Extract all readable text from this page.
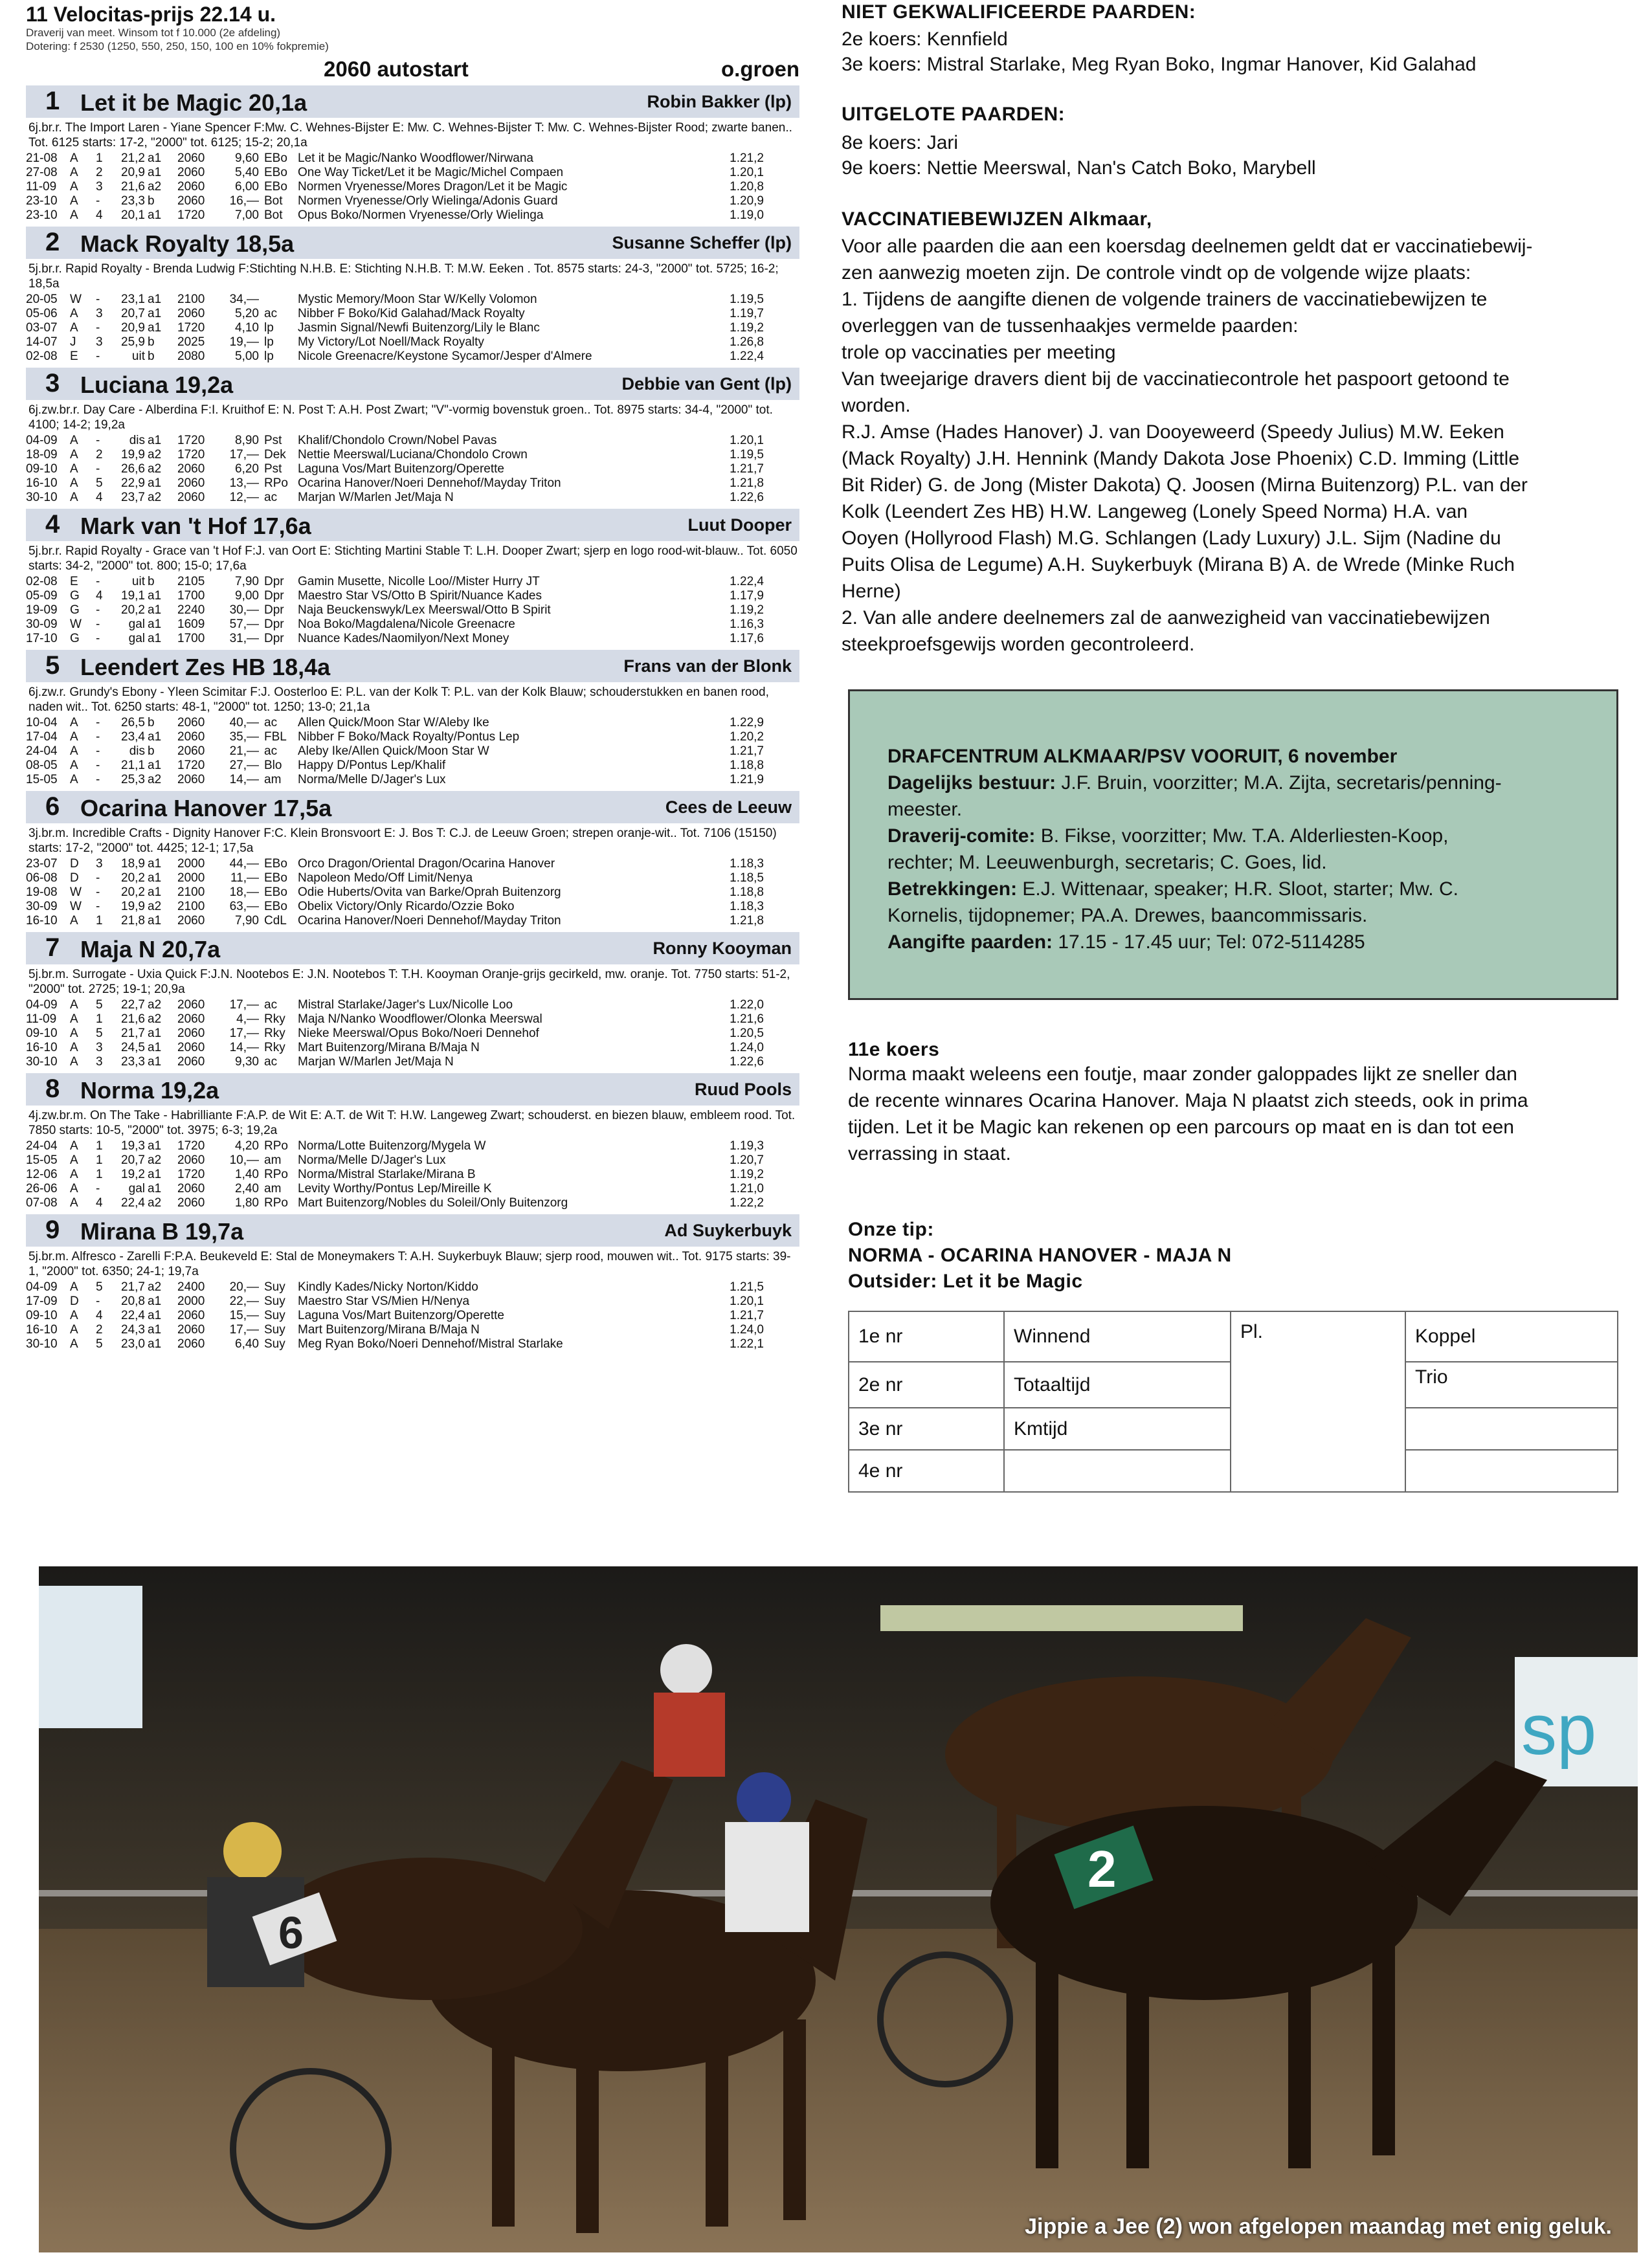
11 Velocitas-prijs 22.14 u.
Draverij van meet. Winsom tot f 10.000 (2e afdeling)
Dotering: f 2530 (1250, 550, 250, 150, 100 en 10% fokpremie)
2060 autostart	o.groen
1 Let it be Magic 20,1a	Robin Bakker (lp)
6j.br.r. The Import Laren - Yiane Spencer F:Mw. C. Wehnes-Bijster E: Mw. C. Wehnes-Bijster T: Mw. C. Wehnes-Bijster Rood; zwarte banen.. Tot. 6125 starts: 17-2, "2000" tot. 6125; 15-2; 20,1a
21-08	A	1	21,2	a1	2060	9,60	EBo	Let it be Magic/Nanko Woodflower/Nirwana	1.21,2
27-08	A	2	20,9	a1	2060	5,40	EBo	One Way Ticket/Let it be Magic/Michel Compaen	1.20,1
11-09	A	3	21,6	a2	2060	6,00	EBo	Normen Vryenesse/Mores Dragon/Let it be Magic	1.20,8
23-10	A	-	23,3	b	2060	16,—	Bot	Normen Vryenesse/Orly Wielinga/Adonis Guard	1.20,9
23-10	A	4	20,1	a1	1720	7,00	Bot	Opus Boko/Normen Vryenesse/Orly Wielinga	1.19,0
2 Mack Royalty 18,5a	Susanne Scheffer (lp)
5j.br.r. Rapid Royalty - Brenda Ludwig F:Stichting N.H.B. E: Stichting N.H.B. T: M.W. Eeken . Tot. 8575 starts: 24-3, "2000" tot. 5725; 16-2; 18,5a
20-05	W	-	23,1	a1	2100	34,—		Mystic Memory/Moon Star W/Kelly Volomon	1.19,5
05-06	A	3	20,7	a1	2060	5,20	ac	Nibber F Boko/Kid Galahad/Mack Royalty	1.19,7
03-07	A	-	20,9	a1	1720	4,10	lp	Jasmin Signal/Newfi Buitenzorg/Lily le Blanc	1.19,2
14-07	J	3	25,9	b	2025	19,—	lp	My Victory/Lot Noell/Mack Royalty	1.26,8
02-08	E	-	uit	b	2080	5,00	lp	Nicole Greenacre/Keystone Sycamor/Jesper d'Almere	1.22,4
3 Luciana 19,2a	Debbie van Gent (lp)
6j.zw.br.r. Day Care - Alberdina F:I. Kruithof E: N. Post T: A.H. Post Zwart; "V"-vormig bovenstuk groen.. Tot. 8975 starts: 34-4, "2000" tot. 4100; 14-2; 19,2a
04-09	A	-	dis	a1	1720	8,90	Pst	Khalif/Chondolo Crown/Nobel Pavas	1.20,1
18-09	A	2	19,9	a2	1720	17,—	Dek	Nettie Meerswal/Luciana/Chondolo Crown	1.19,5
09-10	A	-	26,6	a2	2060	6,20	Pst	Laguna Vos/Mart Buitenzorg/Operette	1.21,7
16-10	A	5	22,9	a1	2060	13,—	RPo	Ocarina Hanover/Noeri Dennehof/Mayday Triton	1.21,8
30-10	A	4	23,7	a2	2060	12,—	ac	Marjan W/Marlen Jet/Maja N	1.22,6
4 Mark van 't Hof 17,6a	Luut Dooper
5j.br.r. Rapid Royalty - Grace van 't Hof F:J. van Oort E: Stichting Martini Stable T: L.H. Dooper Zwart; sjerp en logo rood-wit-blauw.. Tot. 6050 starts: 34-2, "2000" tot. 800; 15-0; 17,6a
02-08	E	-	uit	b	2105	7,90	Dpr	Gamin Musette, Nicolle Loo//Mister Hurry JT	1.22,4
05-09	G	4	19,1	a1	1700	9,00	Dpr	Maestro Star VS/Otto B Spirit/Nuance Kades	1.17,9
19-09	G	-	20,2	a1	2240	30,—	Dpr	Naja Beuckenswyk/Lex Meerswal/Otto B Spirit	1.19,2
30-09	W	-	gal	a1	1609	57,—	Dpr	Noa Boko/Magdalena/Nicole Greenacre	1.16,3
17-10	G	-	gal	a1	1700	31,—	Dpr	Nuance Kades/Naomilyon/Next Money	1.17,6
5 Leendert Zes HB 18,4a	Frans van der Blonk
6j.zw.r. Grundy's Ebony - Yleen Scimitar F:J. Oosterloo E: P.L. van der Kolk T: P.L. van der Kolk Blauw; schouderstukken en banen rood, naden wit.. Tot. 6250 starts: 48-1, "2000" tot. 1250; 13-0; 21,1a
10-04	A	-	26,5	b	2060	40,—	ac	Allen Quick/Moon Star W/Aleby Ike	1.22,9
17-04	A	-	23,4	a1	2060	35,—	FBL	Nibber F Boko/Mack Royalty/Pontus Lep	1.20,2
24-04	A	-	dis	b	2060	21,—	ac	Aleby Ike/Allen Quick/Moon Star W	1.21,7
08-05	A	-	21,1	a1	1720	27,—	Blo	Happy D/Pontus Lep/Khalif	1.18,8
15-05	A	-	25,3	a2	2060	14,—	am	Norma/Melle D/Jager's Lux	1.21,9
6 Ocarina Hanover 17,5a	Cees de Leeuw
3j.br.m. Incredible Crafts - Dignity Hanover F:C. Klein Bronsvoort E: J. Bos T: C.J. de Leeuw Groen; strepen oranje-wit.. Tot. 7106 (15150) starts: 17-2, "2000" tot. 4425; 12-1; 17,5a
23-07	D	3	18,9	a1	2000	44,—	EBo	Orco Dragon/Oriental Dragon/Ocarina Hanover	1.18,3
06-08	D	-	20,2	a1	2000	11,—	EBo	Napoleon Medo/Off Limit/Nenya	1.18,5
19-08	W	-	20,2	a1	2100	18,—	EBo	Odie Huberts/Ovita van Barke/Oprah Buitenzorg	1.18,8
30-09	W	-	19,9	a2	2100	63,—	EBo	Obelix Victory/Only Ricardo/Ozzie Boko	1.18,3
16-10	A	1	21,8	a1	2060	7,90	CdL	Ocarina Hanover/Noeri Dennehof/Mayday Triton	1.21,8
7 Maja N 20,7a	Ronny Kooyman
5j.br.m. Surrogate - Uxia Quick F:J.N. Nootebos E: J.N. Nootebos T: T.H. Kooyman Oranje-grijs gecirkeld, mw. oranje. Tot. 7750 starts: 51-2, "2000" tot. 2725; 19-1; 20,9a
04-09	A	5	22,7	a2	2060	17,—	ac	Mistral Starlake/Jager's Lux/Nicolle Loo	1.22,0
11-09	A	1	21,6	a2	2060	4,—	Rky	Maja N/Nanko Woodflower/Olonka Meerswal	1.21,6
09-10	A	5	21,7	a1	2060	17,—	Rky	Nieke Meerswal/Opus Boko/Noeri Dennehof	1.20,5
16-10	A	3	24,5	a1	2060	14,—	Rky	Mart Buitenzorg/Mirana B/Maja N	1.24,0
30-10	A	3	23,3	a1	2060	9,30	ac	Marjan W/Marlen Jet/Maja N	1.22,6
8 Norma 19,2a	Ruud Pools
4j.zw.br.m. On The Take - Habrilliante F:A.P. de Wit E: A.T. de Wit T: H.W. Langeweg Zwart; schouderst. en biezen blauw, embleem rood. Tot. 7850 starts: 10-5, "2000" tot. 3975; 6-3; 19,2a
24-04	A	1	19,3	a1	1720	4,20	RPo	Norma/Lotte Buitenzorg/Mygela W	1.19,3
15-05	A	1	20,7	a2	2060	10,—	am	Norma/Melle D/Jager's Lux	1.20,7
12-06	A	1	19,2	a1	1720	1,40	RPo	Norma/Mistral Starlake/Mirana B	1.19,2
26-06	A	-	gal	a1	2060	2,40	am	Levity Worthy/Pontus Lep/Mireille K	1.21,0
07-08	A	4	22,4	a2	2060	1,80	RPo	Mart Buitenzorg/Nobles du Soleil/Only Buitenzorg	1.22,2
9 Mirana B 19,7a	Ad Suykerbuyk
5j.br.m. Alfresco - Zarelli F:P.A. Beukeveld E: Stal de Moneymakers T: A.H. Suykerbuyk Blauw; sjerp rood, mouwen wit.. Tot. 9175 starts: 39-1, "2000" tot. 6350; 24-1; 19,7a
04-09	A	5	21,7	a2	2400	20,—	Suy	Kindly Kades/Nicky Norton/Kiddo	1.21,5
17-09	D	-	20,8	a1	2000	22,—	Suy	Maestro Star VS/Mien H/Nenya	1.20,1
09-10	A	4	22,4	a1	2060	15,—	Suy	Laguna Vos/Mart Buitenzorg/Operette	1.21,7
16-10	A	2	24,3	a1	2060	17,—	Suy	Mart Buitenzorg/Mirana B/Maja N	1.24,0
30-10	A	5	23,0	a1	2060	6,40	Suy	Meg Ryan Boko/Noeri Dennehof/Mistral Starlake	1.22,1
NIET GEKWALIFICEERDE PAARDEN:
2e koers: Kennfield
3e koers: Mistral Starlake, Meg Ryan Boko, Ingmar Hanover, Kid Galahad
UITGELOTE PAARDEN:
8e koers: Jari
9e koers: Nettie Meerswal, Nan's Catch Boko, Marybell
VACCINATIEBEWIJZEN Alkmaar,
Voor alle paarden die aan een koersdag deelnemen geldt dat er vaccinatiebewij-
zen aanwezig moeten zijn. De controle vindt op de volgende wijze plaats:
1. Tijdens de aangifte dienen de volgende trainers de vaccinatiebewijzen te
overleggen van de tussenhaakjes vermelde paarden:
trole op vaccinaties per meeting
Van tweejarige dravers dient bij de vaccinatiecontrole het paspoort getoond te
worden.
R.J. Amse (Hades Hanover) J. van Dooyeweerd (Speedy Julius) M.W. Eeken
(Mack Royalty) J.H. Hennink (Mandy Dakota Jose Phoenix) C.D. Imming (Little
Bit Rider) G. de Jong (Mister Dakota) Q. Joosen (Mirna Buitenzorg) P.L. van der
Kolk (Leendert Zes HB) H.W. Langeweg (Lonely Speed Norma) H.A. van
Ooyen (Hollyrood Flash) M.G. Schlangen (Lady Luxury) J.L. Sijm (Nadine du
Puits Olisa de Legume) A.H. Suykerbuyk (Mirana B) A. de Wrede (Minke Ruch
Herne)
2. Van alle andere deelnemers zal de aanwezigheid van vaccinatiebewijzen
steekproefsgewijs worden gecontroleerd.
DRAFCENTRUM ALKMAAR/PSV VOORUIT, 6 november
Dagelijks bestuur: J.F. Bruin, voorzitter; M.A. Zijta, secretaris/penning-
meester.
Draverij-comite: B. Fikse, voorzitter; Mw. T.A. Alderliesten-Koop,
rechter; M. Leeuwenburgh, secretaris; C. Goes, lid.
Betrekkingen: E.J. Wittenaar, speaker; H.R. Sloot, starter; Mw. C.
Kornelis, tijdopnemer; PA.A. Drewes, baancommissaris.
Aangifte paarden: 17.15 - 17.45 uur; Tel: 072-5114285
11e koers
Norma maakt weleens een foutje, maar zonder galoppades lijkt ze sneller dan
de recente winnares Ocarina Hanover. Maja N plaatst zich steeds, ook in prima
tijden. Let it be Magic kan rekenen op een parcours op maat en is dan tot een
verrassing in staat.
Onze tip:
NORMA - OCARINA HANOVER - MAJA N
Outsider: Let it be Magic
1e nr	Winnend	Pl.	Koppel
2e nr	Totaaltijd		Trio
3e nr	Kmtijd		
4e nr			
sp
2
6
Jippie a Jee (2) won afgelopen maandag met enig geluk.
